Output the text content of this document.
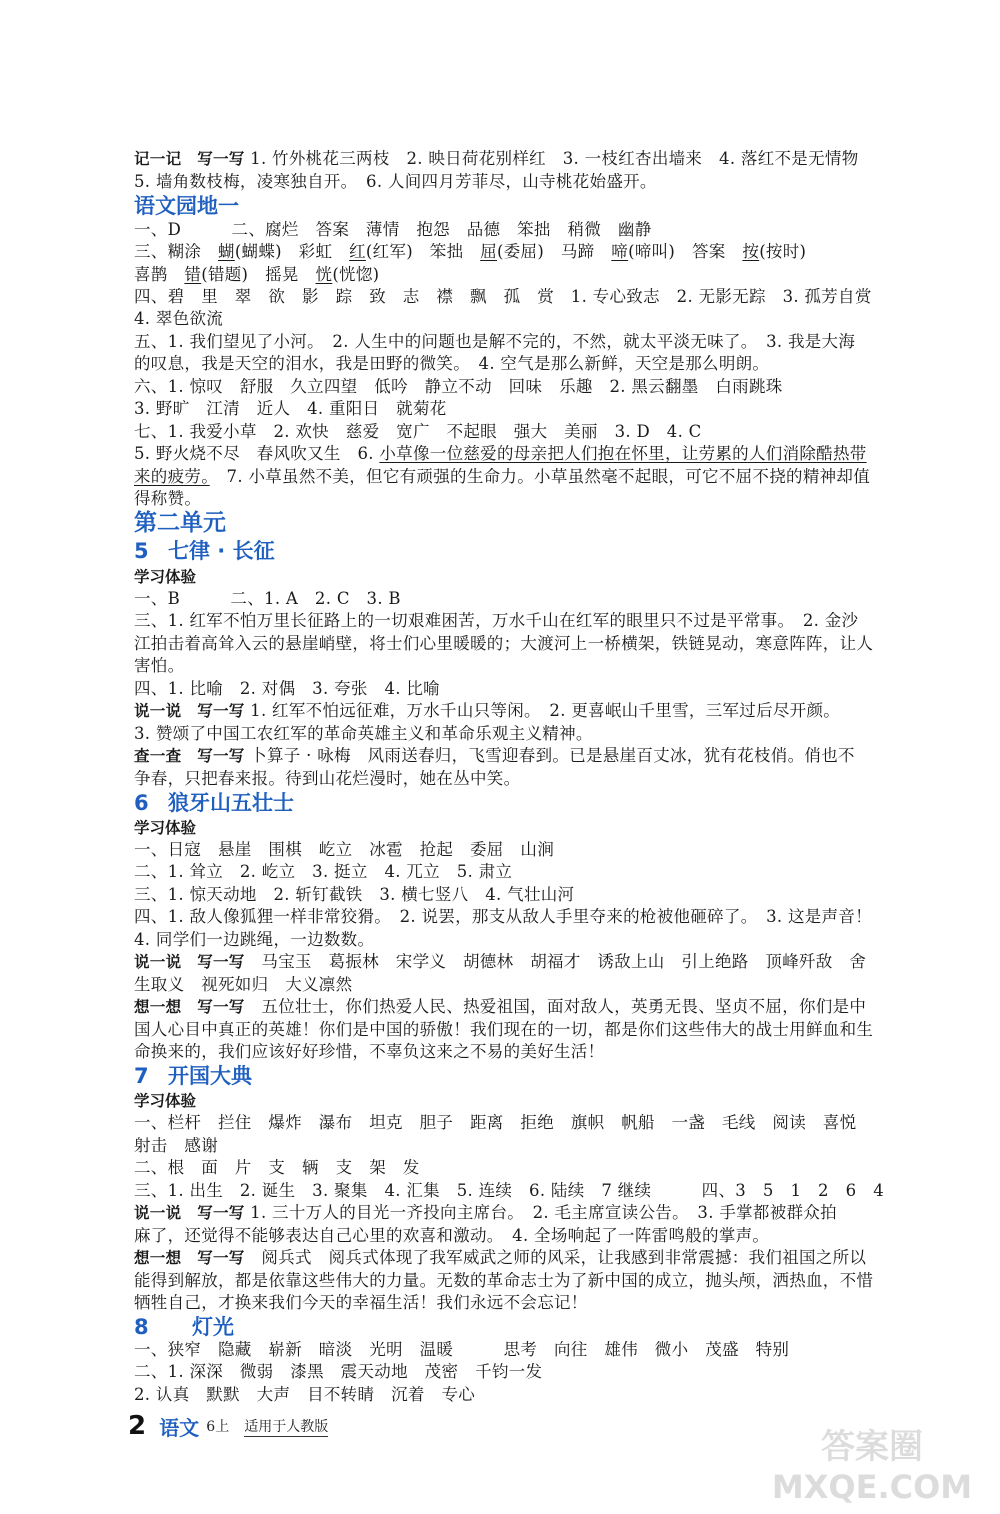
记一记　写一写 1. 竹外桃花三两枝　2. 映日荷花别样红　3. 一枝红杏出墙来　4. 落红不是无情物
5. 墙角数枝梅，凌寒独自开。　6. 人间四月芳菲尽，山寺桃花始盛开。
语文园地一
一、D　　　二、腐烂　答案　薄情　抱怨　品德　笨拙　稍微　幽静
三、糊涂　蝴(蝴蝶)　彩虹　红(红军)　笨拙　屈(委屈)　马蹄　啼(啼叫)　答案　按(按时)
喜鹊　错(错题)　摇晃　恍(恍惚)
四、碧　里　翠　欲　影　踪　致　志　襟　飘　孤　赏　1. 专心致志　2. 无影无踪　3. 孤芳自赏
4. 翠色欲流
五、1. 我们望见了小河。　2. 人生中的问题也是解不完的，不然，就太平淡无味了。　3. 我是大海
的叹息，我是天空的泪水，我是田野的微笑。　4. 空气是那么新鲜，天空是那么明朗。
六、1. 惊叹　舒服　久立四望　低吟　静立不动　回味　乐趣　2. 黑云翻墨　白雨跳珠
3. 野旷　江清　近人　4. 重阳日　就菊花
七、1. 我爱小草　2. 欢快　慈爱　宽广　不起眼　强大　美丽　3. D　4. C
5. 野火烧不尽　春风吹又生　6. 小草像一位慈爱的母亲把人们抱在怀里，让劳累的人们消除酷热带
来的疲劳。　7. 小草虽然不美，但它有顽强的生命力。小草虽然毫不起眼，可它不屈不挠的精神却值
得称赞。
第二单元
5 七律 · 长征
学习体验
一、B　　　二、1. A　2. C　3. B
三、1. 红军不怕万里长征路上的一切艰难困苦，万水千山在红军的眼里只不过是平常事。　2. 金沙
江拍击着高耸入云的悬崖峭壁，将士们心里暖暖的；大渡河上一桥横架，铁链晃动，寒意阵阵，让人
害怕。
四、1. 比喻　2. 对偶　3. 夸张　4. 比喻
说一说　写一写 1. 红军不怕远征难，万水千山只等闲。　2. 更喜岷山千里雪，三军过后尽开颜。
3. 赞颂了中国工农红军的革命英雄主义和革命乐观主义精神。
查一查　写一写 卜算子 · 咏梅　风雨送春归，飞雪迎春到。已是悬崖百丈冰，犹有花枝俏。俏也不
争春，只把春来报。待到山花烂漫时，她在丛中笑。
6 狼牙山五壮士
学习体验
一、日寇　悬崖　围棋　屹立　冰雹　抢起　委屈　山涧
二、1. 耸立　2. 屹立　3. 挺立　4. 兀立　5. 肃立
三、1. 惊天动地　2. 斩钉截铁　3. 横七竖八　4. 气壮山河
四、1. 敌人像狐狸一样非常狡猾。　2. 说罢，那支从敌人手里夺来的枪被他砸碎了。　3. 这是声音！
4. 同学们一边跳绳，一边数数。
说一说　写一写　马宝玉　葛振林　宋学义　胡德林　胡福才　诱敌上山　引上绝路　顶峰歼敌　舍
生取义　视死如归　大义凛然
想一想　写一写　五位壮士，你们热爱人民、热爱祖国，面对敌人，英勇无畏、坚贞不屈，你们是中
国人心目中真正的英雄！你们是中国的骄傲！我们现在的一切，都是你们这些伟大的战士用鲜血和生
命换来的，我们应该好好珍惜，不辜负这来之不易的美好生活！
7 开国大典
学习体验
一、栏杆　拦住　爆炸　瀑布　坦克　胆子　距离　拒绝　旗帜　帆船　一盏　毛线　阅读　喜悦
射击　感谢
二、根　面　片　支　辆　支　架　发
三、1. 出生　2. 诞生　3. 聚集　4. 汇集　5. 连续　6. 陆续　7 继续　　　四、3　5　1　2　6　4
说一说　写一写 1. 三十万人的目光一齐投向主席台。　2. 毛主席宣读公告。　3. 手掌都被群众拍
麻了，还觉得不能够表达自己心里的欢喜和激动。　4. 全场响起了一阵雷鸣般的掌声。
想一想　写一写　阅兵式　阅兵式体现了我军威武之师的风采，让我感到非常震撼：我们祖国之所以
能得到解放，都是依靠这些伟大的力量。无数的革命志士为了新中国的成立，抛头颅，洒热血，不惜
牺牲自己，才换来我们今天的幸福生活！我们永远不会忘记！
8 灯光
一、狭窄　隐藏　崭新　暗淡　光明　温暖　　　思考　向往　雄伟　微小　茂盛　特别
二、1. 深深　微弱　漆黑　震天动地　茂密　千钧一发
2. 认真　默默　大声　目不转睛　沉着　专心
2 语文 6上 适用于人教版	答案圈
MXQE.COM
